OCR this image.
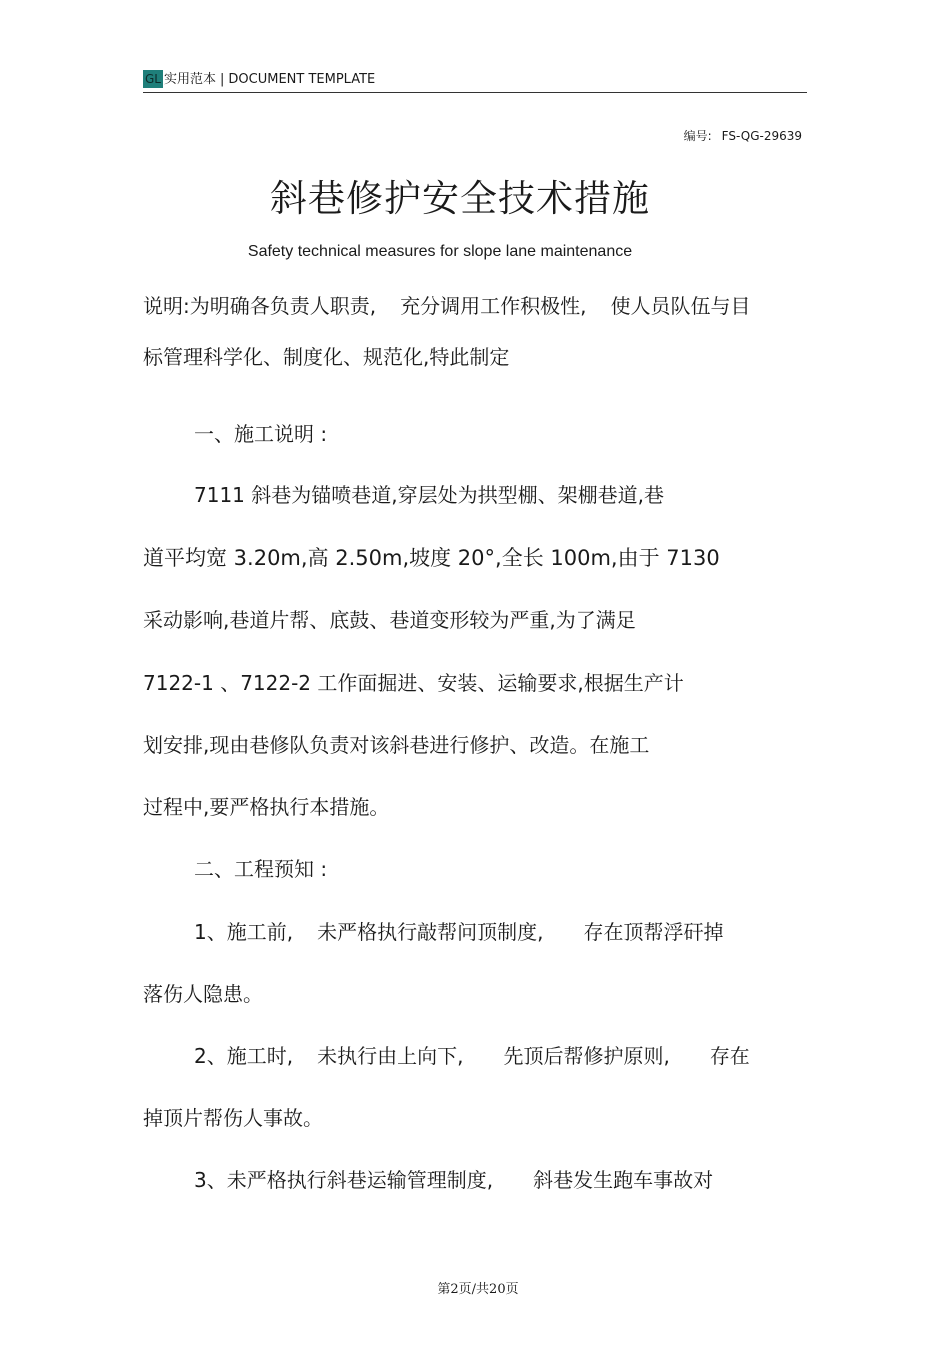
GL 实用范本 | DOCUMENT TEMPLATE
编号: FS-QG-29639
斜巷修护安全技术措施
Safety technical measures for slope lane maintenance
说明:为明确各负责人职责, 充分调用工作积极性, 使人员队伍与目
标管理科学化、制度化、规范化,特此制定
一、施工说明 :
7111 斜巷为锚喷巷道,穿层处为拱型棚、架棚巷道,巷
道平均宽 3.20m,高 2.50m,坡度 20°,全长 100m,由于 7130
采动影响,巷道片帮、底鼓、巷道变形较为严重,为了满足
7122-1 、7122-2 工作面掘进、安装、运输要求,根据生产计
划安排,现由巷修队负责对该斜巷进行修护、改造。在施工
过程中,要严格执行本措施。
二、工程预知 :
1、施工前, 未严格执行敲帮问顶制度, 存在顶帮浮矸掉
落伤人隐患。
2、施工时, 未执行由上向下, 先顶后帮修护原则, 存在
掉顶片帮伤人事故。
3、未严格执行斜巷运输管理制度, 斜巷发生跑车事故对
第2页/共20页
